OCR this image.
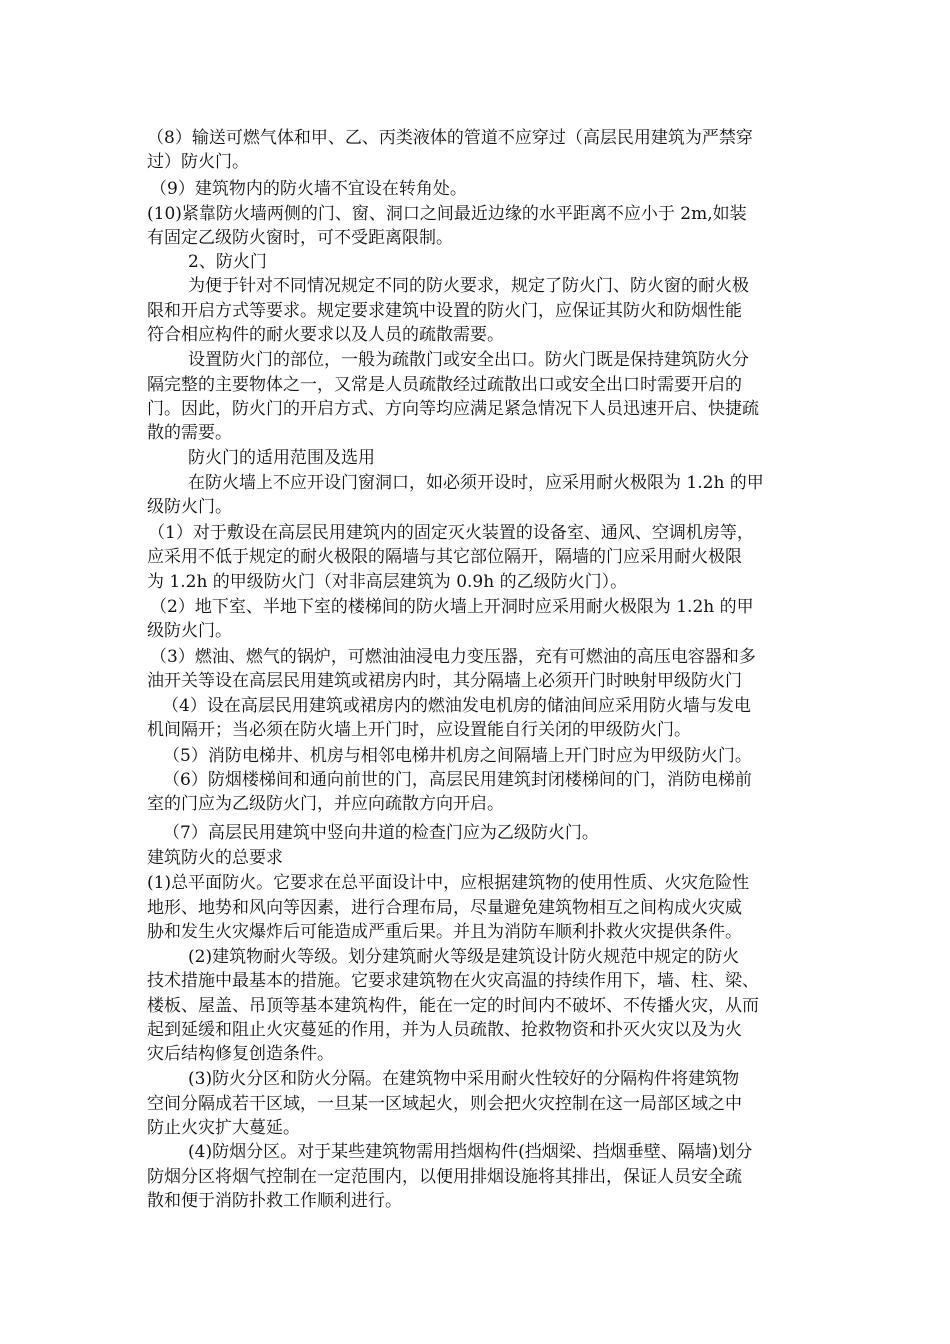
（8）输送可燃气体和甲、乙、丙类液体的管道不应穿过（高层民用建筑为严禁穿
过）防火门。
（9）建筑物内的防火墙不宜设在转角处。
(10)紧靠防火墙两侧的门、窗、洞口之间最近边缘的水平距离不应小于 2m,如装
有固定乙级防火窗时，可不受距离限制。
2、防火门
为便于针对不同情况规定不同的防火要求，规定了防火门、防火窗的耐火极
限和开启方式等要求。规定要求建筑中设置的防火门，应保证其防火和防烟性能
符合相应构件的耐火要求以及人员的疏散需要。
设置防火门的部位，一般为疏散门或安全出口。防火门既是保持建筑防火分
隔完整的主要物体之一，又常是人员疏散经过疏散出口或安全出口时需要开启的
门。因此，防火门的开启方式、方向等均应满足紧急情况下人员迅速开启、快捷疏
散的需要。
防火门的适用范围及选用
在防火墙上不应开设门窗洞口，如必须开设时，应采用耐火极限为 1.2h 的甲
级防火门。
（1）对于敷设在高层民用建筑内的固定灭火装置的设备室、通风、空调机房等，
应采用不低于规定的耐火极限的隔墙与其它部位隔开，隔墙的门应采用耐火极限
为 1.2h 的甲级防火门（对非高层建筑为 0.9h 的乙级防火门）。
（2）地下室、半地下室的楼梯间的防火墙上开洞时应采用耐火极限为 1.2h 的甲
级防火门。
（3）燃油、燃气的锅炉，可燃油油浸电力变压器，充有可燃油的高压电容器和多
油开关等设在高层民用建筑或裙房内时，其分隔墙上必须开门时映射甲级防火门
（4）设在高层民用建筑或裙房内的燃油发电机房的储油间应采用防火墙与发电
机间隔开；当必须在防火墙上开门时，应设置能自行关闭的甲级防火门。
（5）消防电梯井、机房与相邻电梯井机房之间隔墙上开门时应为甲级防火门。
（6）防烟楼梯间和通向前世的门，高层民用建筑封闭楼梯间的门，消防电梯前
室的门应为乙级防火门，并应向疏散方向开启。
（7）高层民用建筑中竖向井道的检查门应为乙级防火门。
建筑防火的总要求
(1)总平面防火。它要求在总平面设计中，应根据建筑物的使用性质、火灾危险性
地形、地势和风向等因素，进行合理布局，尽量避免建筑物相互之间构成火灾威
胁和发生火灾爆炸后可能造成严重后果。并且为消防车顺利扑救火灾提供条件。
(2)建筑物耐火等级。划分建筑耐火等级是建筑设计防火规范中规定的防火
技术措施中最基本的措施。它要求建筑物在火灾高温的持续作用下，墙、柱、梁、
楼板、屋盖、吊顶等基本建筑构件，能在一定的时间内不破坏、不传播火灾，从而
起到延缓和阻止火灾蔓延的作用，并为人员疏散、抢救物资和扑灭火灾以及为火
灾后结构修复创造条件。
(3)防火分区和防火分隔。在建筑物中采用耐火性较好的分隔构件将建筑物
空间分隔成若干区域，一旦某一区域起火，则会把火灾控制在这一局部区域之中
防止火灾扩大蔓延。
(4)防烟分区。对于某些建筑物需用挡烟构件(挡烟梁、挡烟垂壁、隔墙)划分
防烟分区将烟气控制在一定范围内，以便用排烟设施将其排出，保证人员安全疏
散和便于消防扑救工作顺利进行。
